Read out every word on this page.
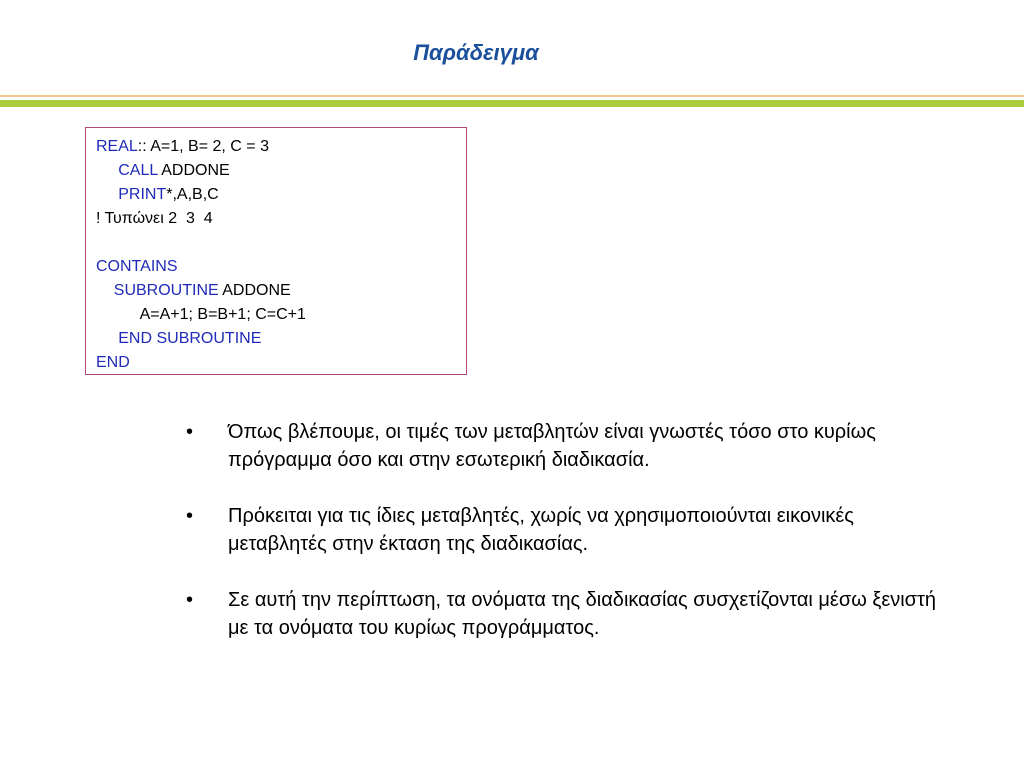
Παράδειγμα
REAL:: A=1, B= 2, C = 3
CALL ADDONE
PRINT*,A,B,C
! Τυπώνει 2  3  4
CONTAINS
SUBROUTINE ADDONE
A=A+1; B=B+1; C=C+1
END SUBROUTINE
END
•	Όπως βλέπουμε, οι τιμές των μεταβλητών είναι γνωστές τόσο στο κυρίως πρόγραμμα όσο και στην εσωτερική διαδικασία.
•	Πρόκειται για τις ίδιες μεταβλητές, χωρίς να χρησιμοποιούνται εικονικές μεταβλητές στην έκταση της διαδικασίας.
•	Σε αυτή την περίπτωση, τα ονόματα της διαδικασίας συσχετίζονται μέσω ξενιστή με τα ονόματα του κυρίως προγράμματος.
